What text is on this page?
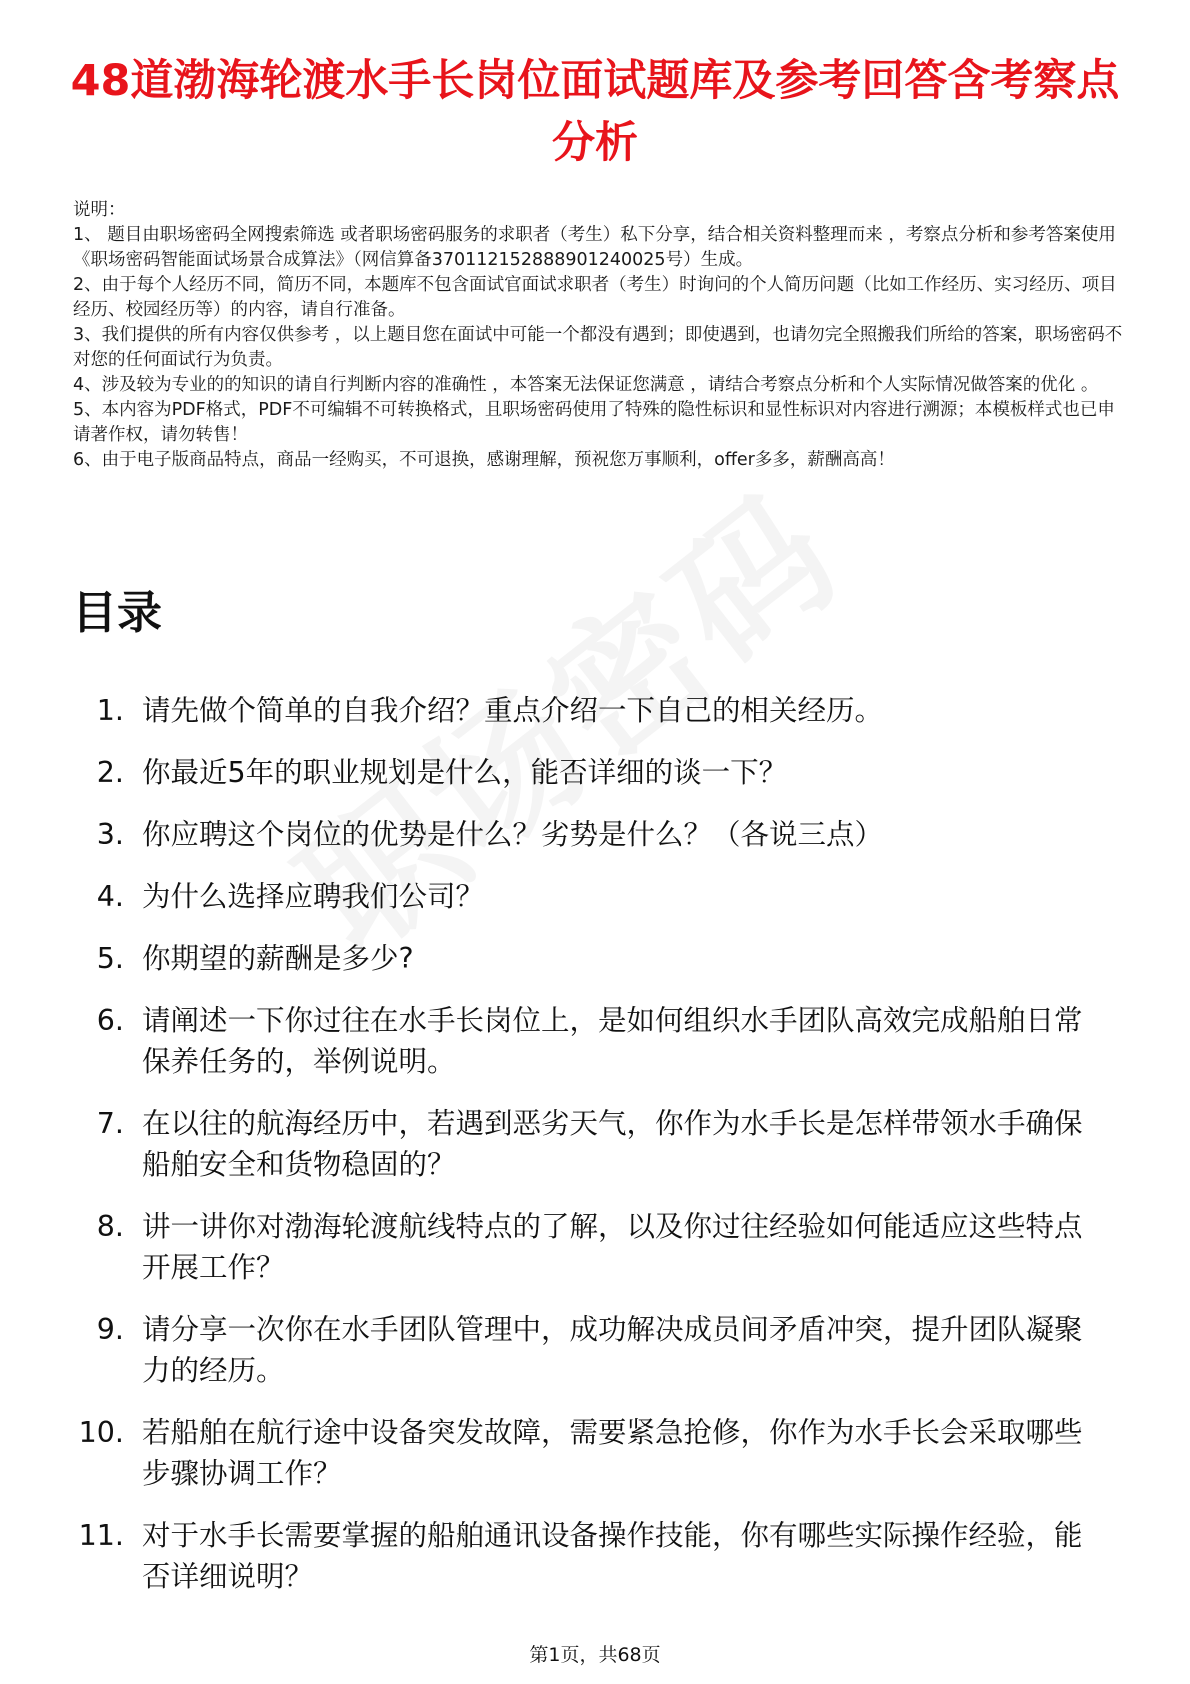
48道渤海轮渡水手长岗位面试题库及参考回答含考察点分析

说明：

1、 题目由职场密码全网搜索筛选 或者职场密码服务的求职者（考生）私下分享，结合相关资料整理而来 ，考察点分析和参考答案使用《职场密码智能面试场景合成算法》（网信算备370112152888901240025号）生成。

2、由于每个人经历不同，简历不同，本题库不包含面试官面试求职者（考生）时询问的个人简历问题（比如工作经历、实习经历、项目经历、校园经历等）的内容，请自行准备。

3、我们提供的所有内容仅供参考 ，以上题目您在面试中可能一个都没有遇到；即使遇到，也请勿完全照搬我们所给的答案，职场密码不对您的任何面试行为负责。

4、涉及较为专业的的知识的请自行判断内容的准确性 ，本答案无法保证您满意 ，请结合考察点分析和个人实际情况做答案的优化 。

5、本内容为PDF格式，PDF不可编辑不可转换格式，且职场密码使用了特殊的隐性标识和显性标识对内容进行溯源；本模板样式也已申请著作权，请勿转售！

6、由于电子版商品特点，商品一经购买，不可退换，感谢理解，预祝您万事顺利，offer多多，薪酬高高！

目录
1. 请先做个简单的自我介绍？重点介绍一下自己的相关经历。
2. 你最近5年的职业规划是什么，能否详细的谈一下？
3. 你应聘这个岗位的优势是什么？劣势是什么？（各说三点）
4. 为什么选择应聘我们公司？
5. 你期望的薪酬是多少?
6. 请阐述一下你过往在水手长岗位上，是如何组织水手团队高效完成船舶日常保养任务的，举例说明。
7. 在以往的航海经历中，若遇到恶劣天气，你作为水手长是怎样带领水手确保船舶安全和货物稳固的？
8. 讲一讲你对渤海轮渡航线特点的了解，以及你过往经验如何能适应这些特点开展工作？
9. 请分享一次你在水手团队管理中，成功解决成员间矛盾冲突，提升团队凝聚力的经历。
10. 若船舶在航行途中设备突发故障，需要紧急抢修，你作为水手长会采取哪些步骤协调工作？
11. 对于水手长需要掌握的船舶通讯设备操作技能，你有哪些实际操作经验，能否详细说明？
第1页，共68页
